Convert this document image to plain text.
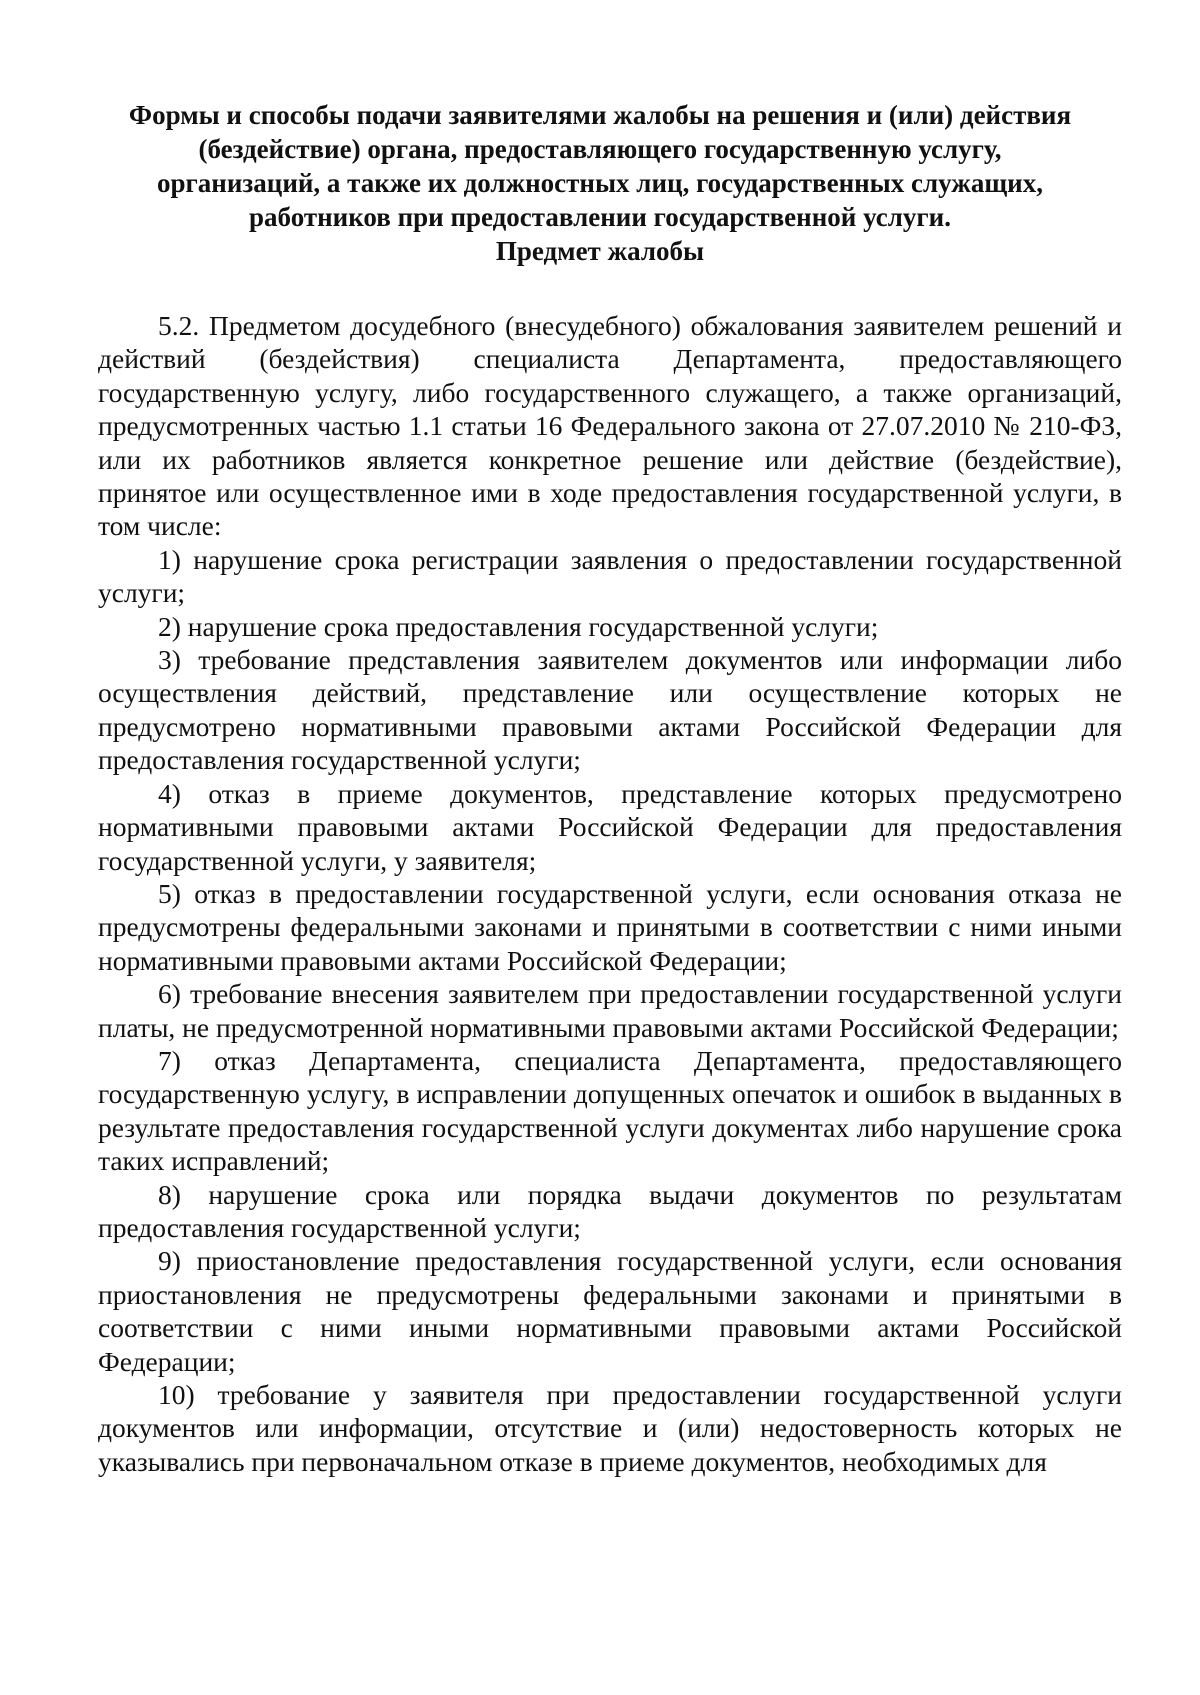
Формы и способы подачи заявителями жалобы на решения и (или) действия
(бездействие) органа, предоставляющего государственную услугу,
организаций, а также их должностных лиц, государственных служащих,
работников при предоставлении государственной услуги.
Предмет жалобы

5.2. Предметом досудебного (внесудебного) обжалования заявителем решений и действий (бездействия) специалиста Департамента, предоставляющего государственную услугу, либо государственного служащего, а также организаций, предусмотренных частью 1.1 статьи 16 Федерального закона от 27.07.2010 № 210-ФЗ, или их работников является конкретное решение или действие (бездействие), принятое или осуществленное ими в ходе предоставления государственной услуги, в том числе:

1) нарушение срока регистрации заявления о предоставлении государственной услуги;

2) нарушение срока предоставления государственной услуги;

3) требование представления заявителем документов или информации либо осуществления действий, представление или осуществление которых не предусмотрено нормативными правовыми актами Российской Федерации для предоставления государственной услуги;

4) отказ в приеме документов, представление которых предусмотрено нормативными правовыми актами Российской Федерации для предоставления государственной услуги, у заявителя;

5) отказ в предоставлении государственной услуги, если основания отказа не предусмотрены федеральными законами и принятыми в соответствии с ними иными нормативными правовыми актами Российской Федерации;

6) требование внесения заявителем при предоставлении государственной услуги платы, не предусмотренной нормативными правовыми актами Российской Федерации;

7) отказ Департамента, специалиста Департамента, предоставляющего государственную услугу, в исправлении допущенных опечаток и ошибок в выданных в результате предоставления государственной услуги документах либо нарушение срока таких исправлений;

8) нарушение срока или порядка выдачи документов по результатам предоставления государственной услуги;

9) приостановление предоставления государственной услуги, если основания приостановления не предусмотрены федеральными законами и принятыми в соответствии с ними иными нормативными правовыми актами Российской Федерации;

10) требование у заявителя при предоставлении государственной услуги документов или информации, отсутствие и (или) недостоверность которых не указывались при первоначальном отказе в приеме документов, необходимых для
